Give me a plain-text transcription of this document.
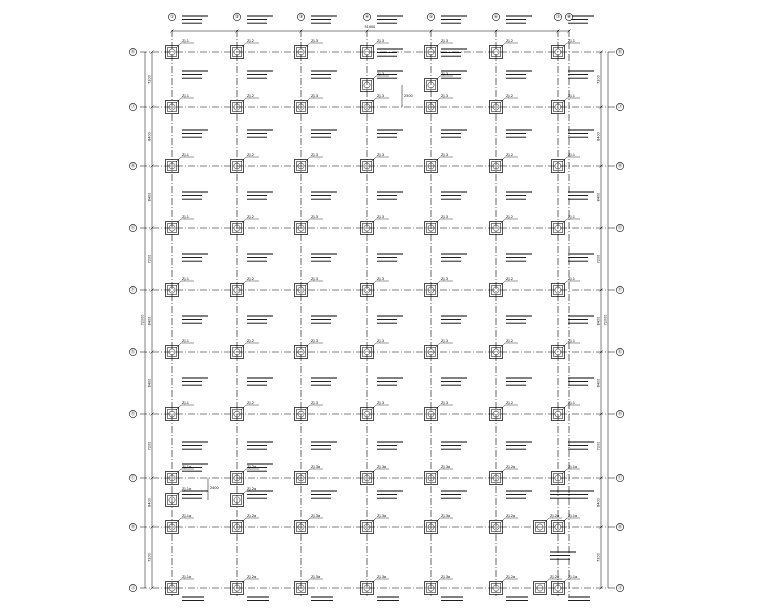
51000
7200
8400
7200
8400
8400
7200
8400
8400
7200
72000
7200
8400
7200
8400
8400
7200
8400
8400
7200
72000
2500
2400
ZJ-1a
ZJ-1a
ZJ-1a
ZJ-1
ZJ-1
ZJ-1
ZJ-1
ZJ-1
ZJ-1
ZJ-1
ZJ-2a
ZJ-2a
ZJ-2a
ZJ-2
ZJ-2
ZJ-2
ZJ-2
ZJ-2
ZJ-2
ZJ-2
ZJ-3a
ZJ-3a
ZJ-3a
ZJ-3
ZJ-3
ZJ-3
ZJ-3
ZJ-3
ZJ-3
ZJ-3
ZJ-3a
ZJ-3a
ZJ-3a
ZJ-3
ZJ-3
ZJ-3
ZJ-3
ZJ-3
ZJ-3
ZJ-3
ZJ-3a
ZJ-3a
ZJ-3a
ZJ-3
ZJ-3
ZJ-3
ZJ-3
ZJ-3
ZJ-3
ZJ-3
ZJ-2a
ZJ-2a
ZJ-2a
ZJ-2
ZJ-2
ZJ-2
ZJ-2
ZJ-2
ZJ-2
ZJ-2
ZJ-1a
ZJ-1a
ZJ-1a
ZJ-1
ZJ-1
ZJ-1
ZJ-1
ZJ-1
ZJ-1
ZJ-1
ZJ-1a	ZJ-2a
ZJ-3	ZJ-3
ZJ-2a
ZJ-2a
①	②	③	④	⑤	⑥	⑦ ⑧
Ⓐ	Ⓐ
Ⓑ	Ⓑ
Ⓒ	Ⓒ
Ⓓ	Ⓓ
Ⓔ	Ⓔ
Ⓕ	Ⓕ
Ⓖ	Ⓖ
Ⓗ	Ⓗ
Ⓙ	Ⓙ
Ⓚ	Ⓚ
